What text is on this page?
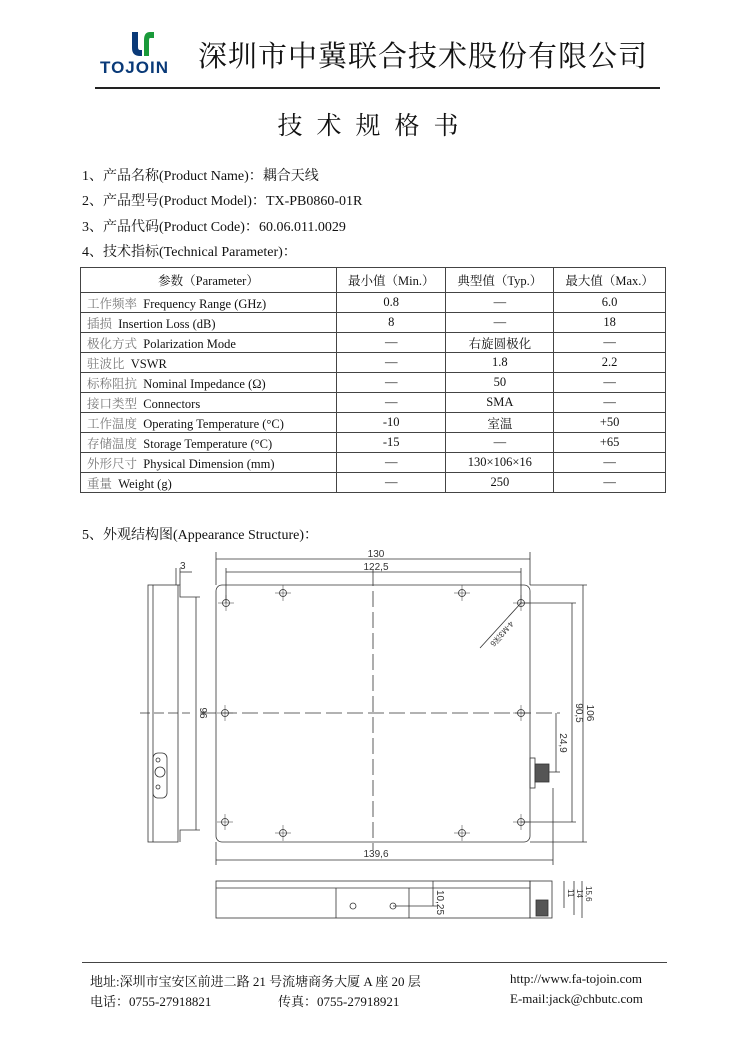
TOJOIN 深圳市中冀联合技术股份有限公司
技术规格书
1、产品名称(Product Name)：耦合天线
2、产品型号(Product Model)：TX-PB0860-01R
3、产品代码(Product Code)：60.06.011.0029
4、技术指标(Technical Parameter)：
参数（Parameter）	最小值（Min.）	典型值（Typ.）	最大值（Max.）
工作频率 Frequency Range (GHz)	0.8	—	6.0
插损 Insertion Loss (dB)	8	—	18
极化方式 Polarization Mode	—	右旋圆极化	—
驻波比 VSWR	—	1.8	2.2
标称阻抗 Nominal Impedance (Ω)	—	50	—
接口类型 Connectors	—	SMA	—
工作温度 Operating Temperature (°C)	-10	室温	+50
存储温度 Storage Temperature (°C)	-15	—	+65
外形尺寸 Physical Dimension (mm)	—	130×106×16	—
重量 Weight (g)	—	250	—
5、外观结构图(Appearance Structure)：
3
96
130
122,5
139,6
106
90,5
24,9
4-M3深6
10,25	11 14 15,6
地址:深圳市宝安区前进二路 21 号流塘商务大厦 A 座 20 层	http://www.fa-tojoin.com
电话：0755-27918821	传真：0755-27918921	E-mail:jack@chbutc.com
